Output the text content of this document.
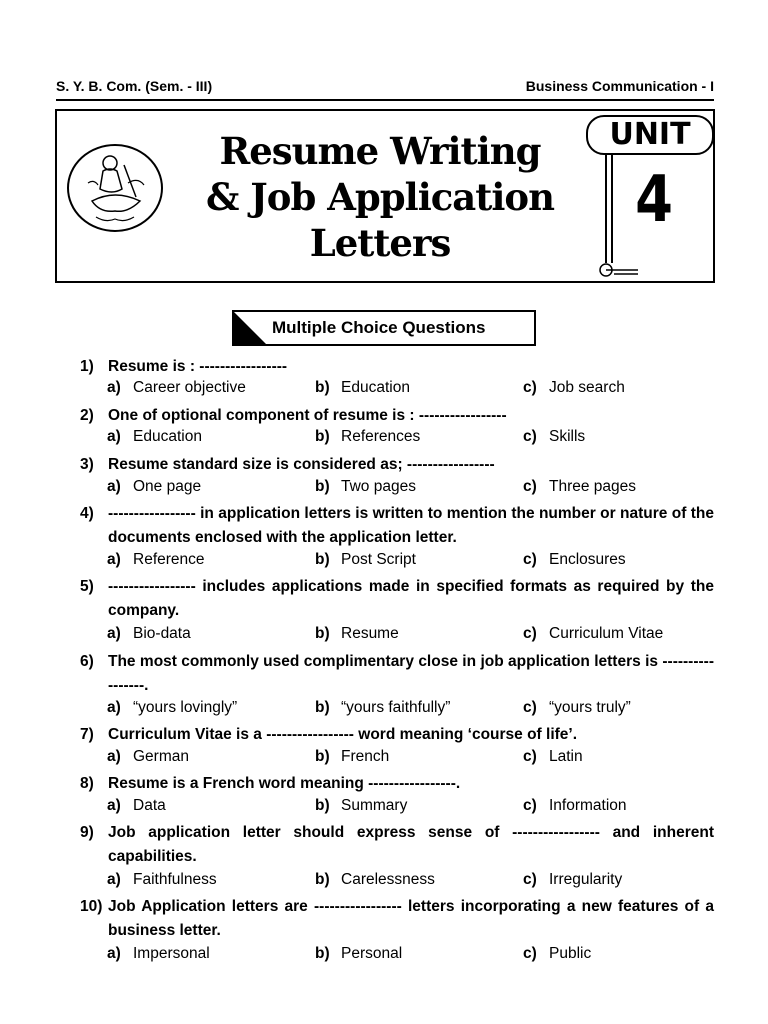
S. Y. B. Com. (Sem. - III)	Business Communication - I
Resume Writing
& Job Application
Letters
UNIT
4
Multiple Choice Questions
1) Resume is : -----------------
a) Career objective	b) Education	c) Job search
2) One of optional component of resume is : -----------------
a) Education	b) References	c) Skills
3) Resume standard size is considered as; -----------------
a) One page	b) Two pages	c) Three pages
4) ----------------- in application letters is written to mention the number or nature of the documents enclosed with the application letter.
a) Reference	b) Post Script	c) Enclosures
5) ----------------- includes applications made in specified formats as required by the company.
a) Bio-data	b) Resume	c) Curriculum Vitae
6) The most commonly used complimentary close in job application letters is -----------------.
a) “yours lovingly”	b) “yours faithfully”	c) “yours truly”
7) Curriculum Vitae is a ----------------- word meaning ‘course of life’.
a) German	b) French	c) Latin
8) Resume is a French word meaning -----------------.
a) Data	b) Summary	c) Information
9) Job application letter should express sense of ----------------- and inherent capabilities.
a) Faithfulness	b) Carelessness	c) Irregularity
10) Job Application letters are ----------------- letters incorporating a new features of a business letter.
a) Impersonal	b) Personal	c) Public
